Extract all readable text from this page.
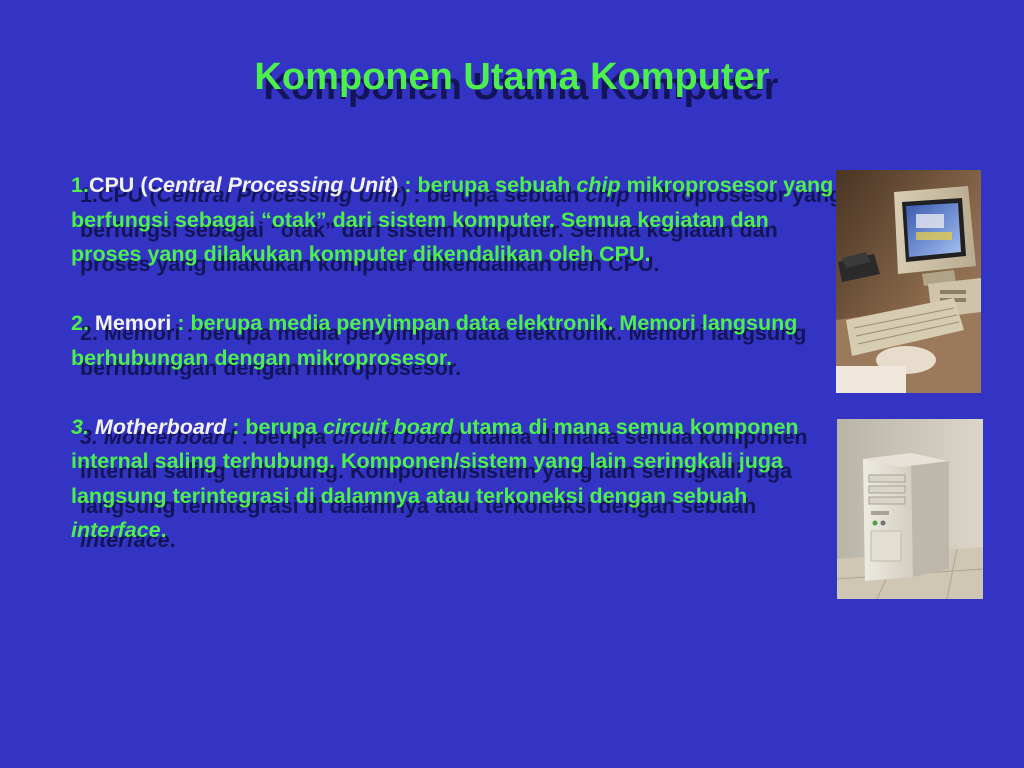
Komponen Utama Komputer

1.CPU (Central Processing Unit) : berupa sebuah chip mikroprosesor yang berfungsi sebagai “otak” dari sistem komputer. Semua kegiatan dan proses yang dilakukan komputer dikendalikan oleh CPU.

2. Memori : berupa media penyimpan data elektronik. Memori langsung berhubungan dengan mikroprosesor.

3. Motherboard : berupa circuit board utama di mana semua komponen internal saling terhubung. Komponen/sistem yang lain seringkali juga langsung terintegrasi di dalamnya atau terkoneksi dengan sebuah interface.
